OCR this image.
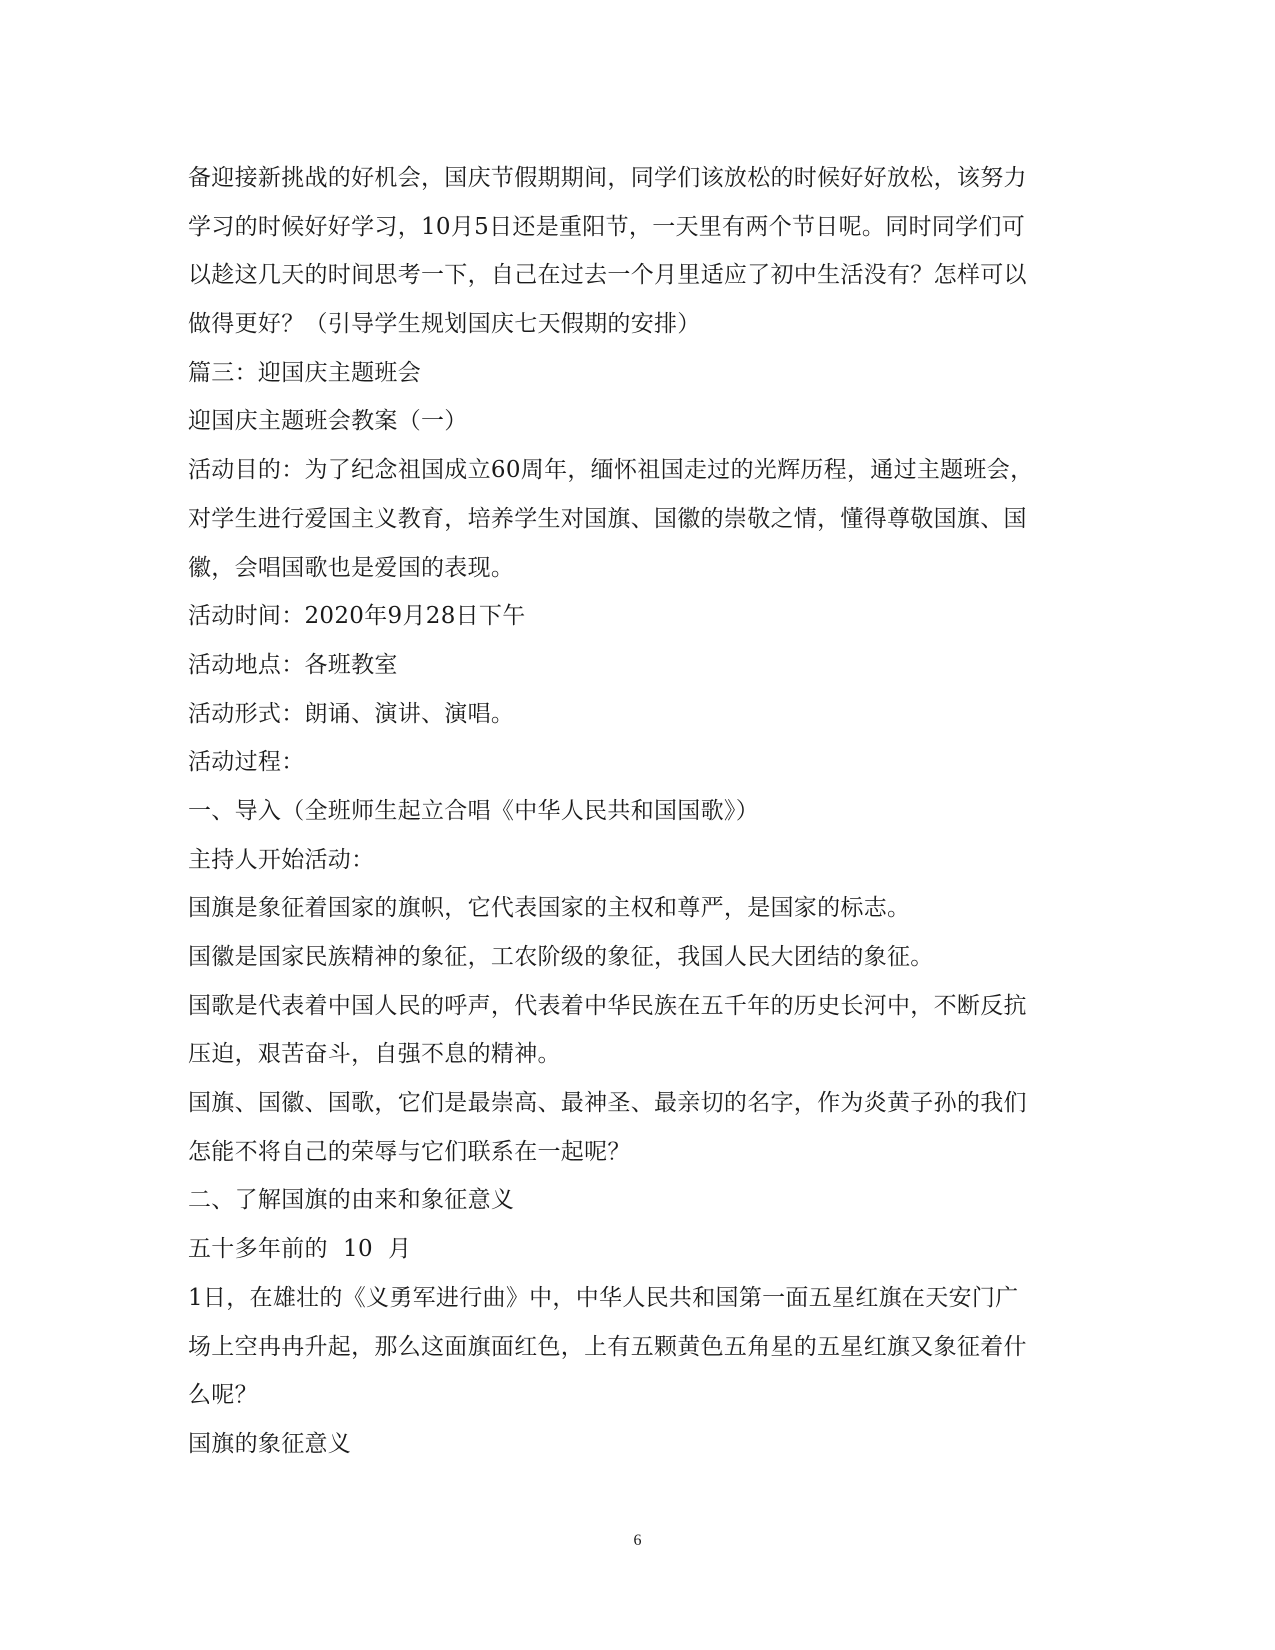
备迎接新挑战的好机会，国庆节假期期间，同学们该放松的时候好好放松，该努力
学习的时候好好学习，10月5日还是重阳节，一天里有两个节日呢。同时同学们可
以趁这几天的时间思考一下，自己在过去一个月里适应了初中生活没有？怎样可以
做得更好？（引导学生规划国庆七天假期的安排）
篇三：迎国庆主题班会
迎国庆主题班会教案（一）
活动目的：为了纪念祖国成立60周年，缅怀祖国走过的光辉历程，通过主题班会，
对学生进行爱国主义教育，培养学生对国旗、国徽的崇敬之情，懂得尊敬国旗、国
徽，会唱国歌也是爱国的表现。
活动时间：2020年9月28日下午
活动地点：各班教室
活动形式：朗诵、演讲、演唱。
活动过程：
一、导入（全班师生起立合唱《中华人民共和国国歌》）
主持人开始活动：
国旗是象征着国家的旗帜，它代表国家的主权和尊严，是国家的标志。
国徽是国家民族精神的象征，工农阶级的象征，我国人民大团结的象征。
国歌是代表着中国人民的呼声，代表着中华民族在五千年的历史长河中，不断反抗
压迫，艰苦奋斗，自强不息的精神。
国旗、国徽、国歌，它们是最崇高、最神圣、最亲切的名字，作为炎黄子孙的我们
怎能不将自己的荣辱与它们联系在一起呢？
二、了解国旗的由来和象征意义
五十多年前的  10  月
1日，在雄壮的《义勇军进行曲》中，中华人民共和国第一面五星红旗在天安门广
场上空冉冉升起，那么这面旗面红色，上有五颗黄色五角星的五星红旗又象征着什
么呢？
国旗的象征意义
6
